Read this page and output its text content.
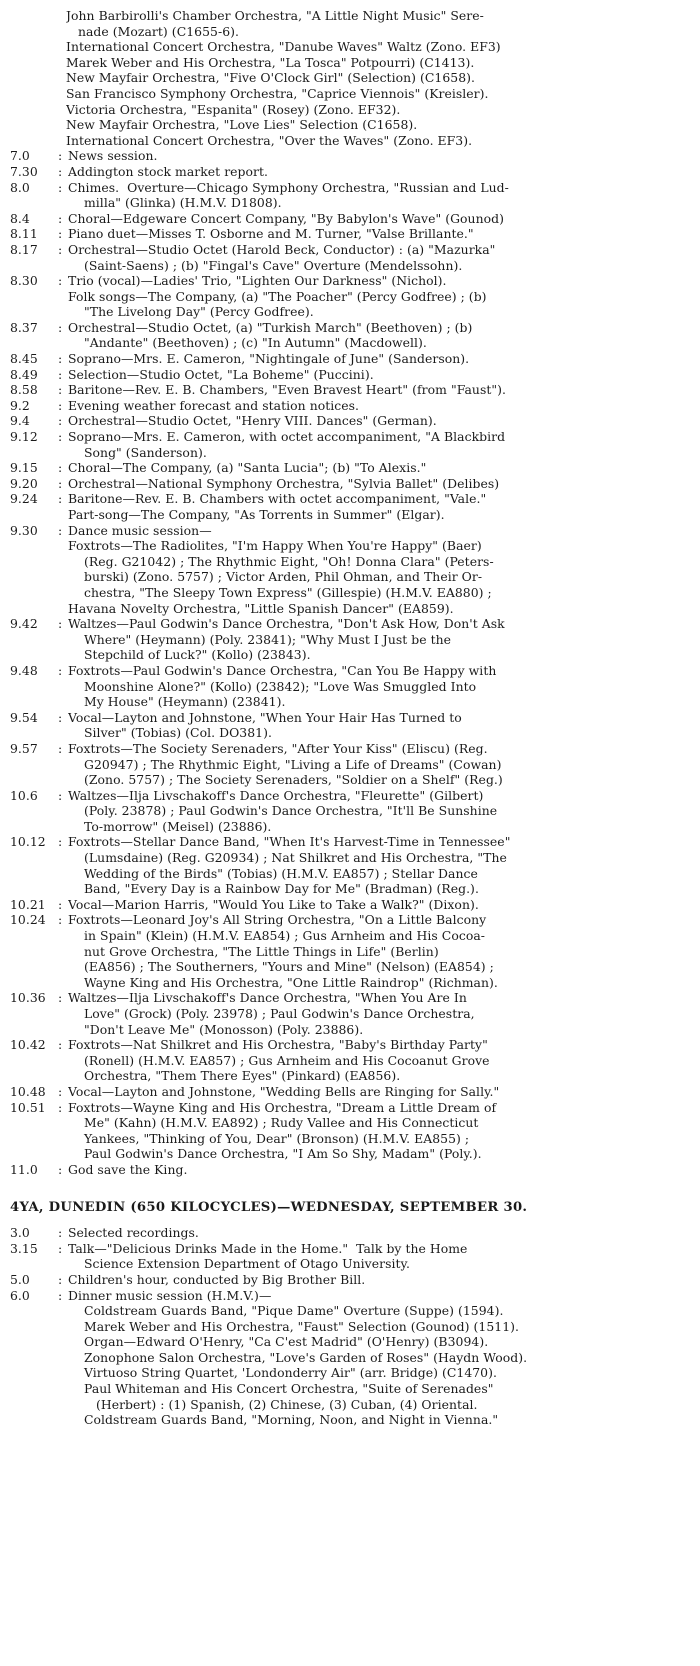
John Barbirolli's Chamber Orchestra, "A Little Night Music" Sere-
nade (Mozart) (C1655-6).
International Concert Orchestra, "Danube Waves" Waltz (Zono. EF3)
Marek Weber and His Orchestra, "La Tosca" Potpourri) (C1413).
New Mayfair Orchestra, "Five O'Clock Girl" (Selection) (C1658).
San Francisco Symphony Orchestra, "Caprice Viennois" (Kreisler).
Victoria Orchestra, "Espanita" (Rosey) (Zono. EF32).
New Mayfair Orchestra, "Love Lies" Selection (C1658).
International Concert Orchestra, "Over the Waves" (Zono. EF3).
7.0	: News session.
7.30	: Addington stock market report.
8.0	: Chimes.  Overture—Chicago Symphony Orchestra, "Russian and Lud-
milla" (Glinka) (H.M.V. D1808).
8.4	: Choral—Edgeware Concert Company, "By Babylon's Wave" (Gounod)
8.11	: Piano duet—Misses T. Osborne and M. Turner, "Valse Brillante."
8.17	: Orchestral—Studio Octet (Harold Beck, Conductor) : (a) "Mazurka"
(Saint-Saens) ; (b) "Fingal's Cave" Overture (Mendelssohn).
8.30	: Trio (vocal)—Ladies' Trio, "Lighten Our Darkness" (Nichol).
Folk songs—The Company, (a) "The Poacher" (Percy Godfree) ; (b)
"The Livelong Day" (Percy Godfree).
8.37	: Orchestral—Studio Octet, (a) "Turkish March" (Beethoven) ; (b)
"Andante" (Beethoven) ; (c) "In Autumn" (Macdowell).
8.45	: Soprano—Mrs. E. Cameron, "Nightingale of June" (Sanderson).
8.49	: Selection—Studio Octet, "La Boheme" (Puccini).
8.58	: Baritone—Rev. E. B. Chambers, "Even Bravest Heart" (from "Faust").
9.2	: Evening weather forecast and station notices.
9.4	: Orchestral—Studio Octet, "Henry VIII. Dances" (German).
9.12	: Soprano—Mrs. E. Cameron, with octet accompaniment, "A Blackbird
Song" (Sanderson).
9.15	: Choral—The Company, (a) "Santa Lucia"; (b) "To Alexis."
9.20	: Orchestral—National Symphony Orchestra, "Sylvia Ballet" (Delibes)
9.24	: Baritone—Rev. E. B. Chambers with octet accompaniment, "Vale."
Part-song—The Company, "As Torrents in Summer" (Elgar).
9.30	: Dance music session—
Foxtrots—The Radiolites, "I'm Happy When You're Happy" (Baer)
(Reg. G21042) ; The Rhythmic Eight, "Oh! Donna Clara" (Peters-
burski) (Zono. 5757) ; Victor Arden, Phil Ohman, and Their Or-
chestra, "The Sleepy Town Express" (Gillespie) (H.M.V. EA880) ;
Havana Novelty Orchestra, "Little Spanish Dancer" (EA859).
9.42	: Waltzes—Paul Godwin's Dance Orchestra, "Don't Ask How, Don't Ask
Where" (Heymann) (Poly. 23841); "Why Must I Just be the
Stepchild of Luck?" (Kollo) (23843).
9.48	: Foxtrots—Paul Godwin's Dance Orchestra, "Can You Be Happy with
Moonshine Alone?" (Kollo) (23842); "Love Was Smuggled Into
My House" (Heymann) (23841).
9.54	: Vocal—Layton and Johnstone, "When Your Hair Has Turned to
Silver" (Tobias) (Col. DO381).
9.57	: Foxtrots—The Society Serenaders, "After Your Kiss" (Eliscu) (Reg.
G20947) ; The Rhythmic Eight, "Living a Life of Dreams" (Cowan)
(Zono. 5757) ; The Society Serenaders, "Soldier on a Shelf" (Reg.)
10.6	: Waltzes—Ilja Livschakoff's Dance Orchestra, "Fleurette" (Gilbert)
(Poly. 23878) ; Paul Godwin's Dance Orchestra, "It'll Be Sunshine
To-morrow" (Meisel) (23886).
10.12 : Foxtrots—Stellar Dance Band, "When It's Harvest-Time in Tennessee"
(Lumsdaine) (Reg. G20934) ; Nat Shilkret and His Orchestra, "The
Wedding of the Birds" (Tobias) (H.M.V. EA857) ; Stellar Dance
Band, "Every Day is a Rainbow Day for Me" (Bradman) (Reg.).
10.21 : Vocal—Marion Harris, "Would You Like to Take a Walk?" (Dixon).
10.24 : Foxtrots—Leonard Joy's All String Orchestra, "On a Little Balcony
in Spain" (Klein) (H.M.V. EA854) ; Gus Arnheim and His Cocoa-
nut Grove Orchestra, "The Little Things in Life" (Berlin)
(EA856) ; The Southerners, "Yours and Mine" (Nelson) (EA854) ;
Wayne King and His Orchestra, "One Little Raindrop" (Richman).
10.36 : Waltzes—Ilja Livschakoff's Dance Orchestra, "When You Are In
Love" (Grock) (Poly. 23978) ; Paul Godwin's Dance Orchestra,
"Don't Leave Me" (Monosson) (Poly. 23886).
10.42 : Foxtrots—Nat Shilkret and His Orchestra, "Baby's Birthday Party"
(Ronell) (H.M.V. EA857) ; Gus Arnheim and His Cocoanut Grove
Orchestra, "Them There Eyes" (Pinkard) (EA856).
10.48 : Vocal—Layton and Johnstone, "Wedding Bells are Ringing for Sally."
10.51 : Foxtrots—Wayne King and His Orchestra, "Dream a Little Dream of
Me" (Kahn) (H.M.V. EA892) ; Rudy Vallee and His Connecticut
Yankees, "Thinking of You, Dear" (Bronson) (H.M.V. EA855) ;
Paul Godwin's Dance Orchestra, "I Am So Shy, Madam" (Poly.).
11.0	: God save the King.
4YA, DUNEDIN (650 KILOCYCLES)—WEDNESDAY, SEPTEMBER 30.
3.0	: Selected recordings.
3.15	: Talk—"Delicious Drinks Made in the Home."  Talk by the Home
Science Extension Department of Otago University.
5.0	: Children's hour, conducted by Big Brother Bill.
6.0	: Dinner music session (H.M.V.)—
Coldstream Guards Band, "Pique Dame" Overture (Suppe) (1594).
Marek Weber and His Orchestra, "Faust" Selection (Gounod) (1511).
Organ—Edward O'Henry, "Ca C'est Madrid" (O'Henry) (B3094).
Zonophone Salon Orchestra, "Love's Garden of Roses" (Haydn Wood).
Virtuoso String Quartet, 'Londonderry Air" (arr. Bridge) (C1470).
Paul Whiteman and His Concert Orchestra, "Suite of Serenades"
(Herbert) : (1) Spanish, (2) Chinese, (3) Cuban, (4) Oriental.
Coldstream Guards Band, "Morning, Noon, and Night in Vienna."
